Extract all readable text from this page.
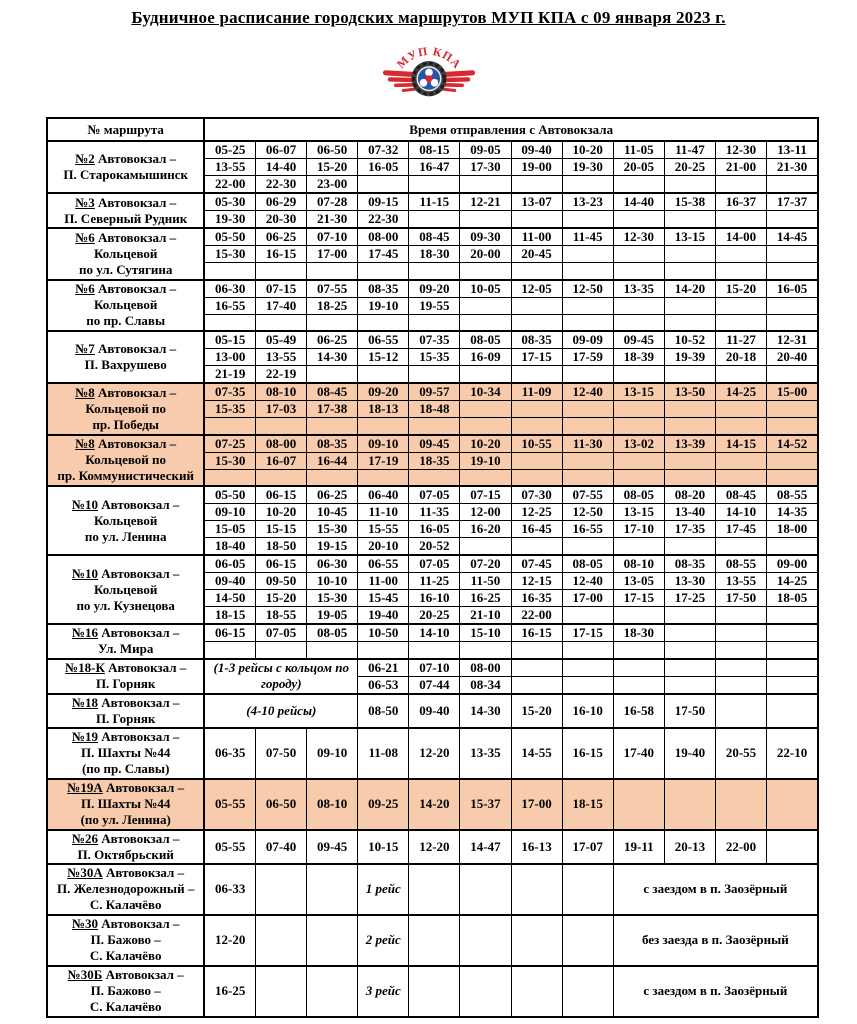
Будничное расписание городских маршрутов МУП КПА с 09 января 2023 г.
МУП КПА
№ маршрута	Время отправления с Автовокзала											

№2 Автовокзал –
П. Старокамышинск	05-25	06-07	06-50	07-32	08-15	09-05	09-40	10-20	11-05	11-47	12-30	13-11
	13-55	14-40	15-20	16-05	16-47	17-30	19-00	19-30	20-05	20-25	21-00	21-30
	22-00	22-30	23-00									

№3 Автовокзал –
П. Северный Рудник	05-30	06-29	07-28	09-15	11-15	12-21	13-07	13-23	14-40	15-38	16-37	17-37
	19-30	20-30	21-30	22-30								

№6 Автовокзал –
Кольцевой
по ул. Сутягина	05-50	06-25	07-10	08-00	08-45	09-30	11-00	11-45	12-30	13-15	14-00	14-45
	15-30	16-15	17-00	17-45	18-30	20-00	20-45					

№6 Автовокзал –
Кольцевой
по пр. Славы	06-30	07-15	07-55	08-35	09-20	10-05	12-05	12-50	13-35	14-20	15-20	16-05
	16-55	17-40	18-25	19-10	19-55							

№7 Автовокзал –
П. Вахрушево	05-15	05-49	06-25	06-55	07-35	08-05	08-35	09-09	09-45	10-52	11-27	12-31
	13-00	13-55	14-30	15-12	15-35	16-09	17-15	17-59	18-39	19-39	20-18	20-40
	21-19	22-19										

№8 Автовокзал –
Кольцевой по
пр. Победы	07-35	08-10	08-45	09-20	09-57	10-34	11-09	12-40	13-15	13-50	14-25	15-00
	15-35	17-03	17-38	18-13	18-48							

№8 Автовокзал –
Кольцевой по
пр. Коммунистический	07-25	08-00	08-35	09-10	09-45	10-20	10-55	11-30	13-02	13-39	14-15	14-52
	15-30	16-07	16-44	17-19	18-35	19-10						

№10 Автовокзал –
Кольцевой
по ул. Ленина	05-50	06-15	06-25	06-40	07-05	07-15	07-30	07-55	08-05	08-20	08-45	08-55
	09-10	10-20	10-45	11-10	11-35	12-00	12-25	12-50	13-15	13-40	14-10	14-35
	15-05	15-15	15-30	15-55	16-05	16-20	16-45	16-55	17-10	17-35	17-45	18-00
	18-40	18-50	19-15	20-10	20-52							

№10 Автовокзал –
Кольцевой
по ул. Кузнецова	06-05	06-15	06-30	06-55	07-05	07-20	07-45	08-05	08-10	08-35	08-55	09-00
	09-40	09-50	10-10	11-00	11-25	11-50	12-15	12-40	13-05	13-30	13-55	14-25
	14-50	15-20	15-30	15-45	16-10	16-25	16-35	17-00	17-15	17-25	17-50	18-05
	18-15	18-55	19-05	19-40	20-25	21-10	22-00					

№16 Автовокзал –
Ул. Мира	06-15	07-05	08-05	10-50	14-10	15-10	16-15	17-15	18-30			

№18-К Автовокзал –
П. Горняк	(1-3 рейсы с кольцом по городу)			06-21	07-10	08-00						
				06-53	07-44	08-34						

№18 Автовокзал –
П. Горняк	(4-10 рейсы)			08-50	09-40	14-30	15-20	16-10	16-58	17-50		

№19 Автовокзал –
П. Шахты №44
(по пр. Славы)	06-35	07-50	09-10	11-08	12-20	13-35	14-55	16-15	17-40	19-40	20-55	22-10

№19А Автовокзал –
П. Шахты №44
(по ул. Ленина)	05-55	06-50	08-10	09-25	14-20	15-37	17-00	18-15				

№26 Автовокзал –
П. Октябрьский	05-55	07-40	09-45	10-15	12-20	14-47	16-13	17-07	19-11	20-13	22-00	

№30А Автовокзал –
П. Железнодорожный –
С. Калачёво	06-33			1 рейс					с заездом в п. Заозёрный			

№30 Автовокзал –
П. Бажово –
С. Калачёво	12-20			2 рейс					без заезда в п. Заозёрный			

№30Б Автовокзал –
П. Бажово –
С. Калачёво	16-25			3 рейс					с заездом в п. Заозёрный			
